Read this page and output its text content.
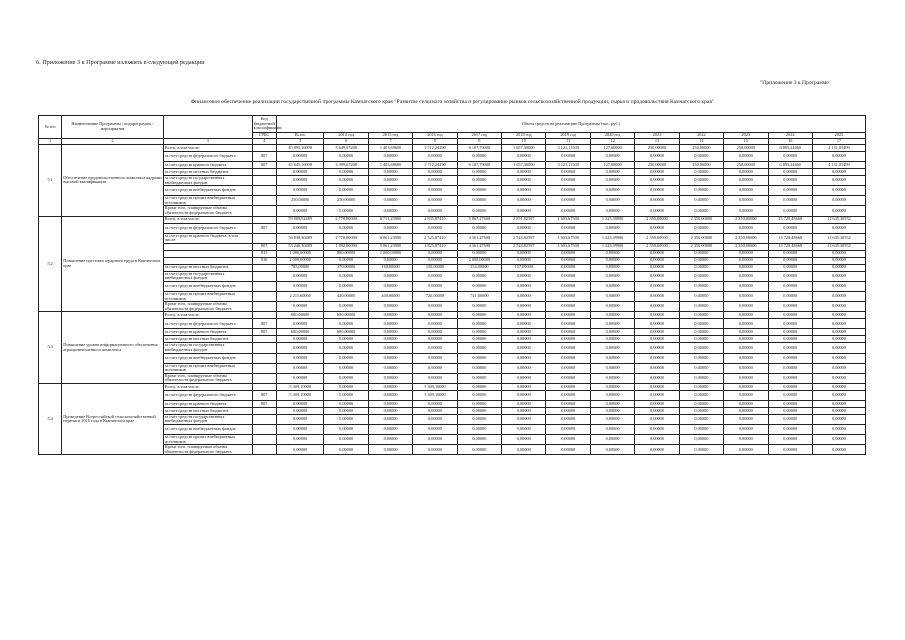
6. Приложение 3 к Программе изложить в следующей редакции
"Приложение 3 к Программе
Финансовое обеспечение реализации государственной программы Камчатского края "Развитие сельского хозяйства и регулирование рынков сельскохозяйственной продукции, сырья и продовольствия Камчатского края"
№ п/п	Наименование Программы / подпрограммы / мероприятия		Код бюджетной классификации	Объем средств на реализацию Программы (тыс. руб.)												
			ГРБС	Всего	2014 год	2015 год	2016 год	2017 год	2018 год	2019 год	2020 год	2021	2022	2023	2024	2025
1	2	3	4	5	6	7	8	9	10	11	12	13	14	15	16	17
5.1	Обеспечение продовольственного комплекса кадрами высокой квалификации	Всего, в том числе:		45 895,16098	3 649,67208	1 403,69600	1 712,24290	6 107,79000	1 657,30000	3 121,11500	127,00000	250,00000	250,00000	250,00000	6 895,24460	4 131,05499
		за счет средств федерального бюджета	807	0,00000	0,00000	0,00000	0,00000	0,00000	0,00000	0,00000	0,00000	0,00000	0,00000	0,00000	0,00000	0,00000
		за счет средств краевого бюджета	807	45 645,16098	3 399,67208	1 403,69600	1 712,24290	6 107,79000	1 657,30000	3 121,11500	127,00000	250,00000	250,00000	250,00000	6 895,24460	4 131,05499
		за счет средств местных бюджетов		0,00000	0,00000	0,00000	0,00000	0,00000	0,00000	0,00000	0,00000	0,00000	0,00000	0,00000	0,00000	0,00000
		за счет средств государственных внебюджетных фондов		0,00000	0,00000	0,00000	0,00000	0,00000	0,00000	0,00000	0,00000	0,00000	0,00000	0,00000	0,00000	0,00000
		за счет средств внебюджетных фондов		0,00000	0,00000	0,00000	0,00000	0,00000	0,00000	0,00000	0,00000	0,00000	0,00000	0,00000	0,00000	0,00000
		за счет средств прочих внебюджетных источников		250,00000	250,00000	0,00000	0,00000	0,00000	0,00000	0,00000	0,00000	0,00000	0,00000	0,00000	0,00000	0,00000
		Кроме того, планируемые объемы обязательств федерального бюджета		0,00000	0,00000	0,00000	0,00000	0,00000	0,00000	0,00000	0,00000	0,00000	0,00000	0,00000	0,00000	0,00000
5.2	Повышение престижа аграрного труда в Камчатском крае	Всего, в том числе:		59 009,92489	2 778,80000	6 711,23900	2 835,87410	5 867,27600	2 851,82597	1 603,67500	1 225,39900	2 350,00000	2 350,00000	2 350,00000	13 720,48668	11 645,30552
		за счет средств федерального бюджета	807	0,00000	0,00000	0,00000	0,00000	0,00000	0,00000	0,00000	0,00000	0,00000	0,00000	0,00000	0,00000	0,00000
		за счет средств краевого бюджета, в том числе:		56 038,30489	2 778,80000	6 061,23900	2 525,87410	4 361,27600	2 524,82597	1 603,67500	1 225,39900	2 350,00000	2 350,00000	2 350,00000	13 720,48668	11 645,30552
			807	53 246,30489	1 892,80000	5 061,23900	1 825,87410	4 361,27600	2 524,82597	1 603,67500	1 225,39900	2 350,00000	2 350,00000	2 350,00000	13 720,48668	11 645,30552
			815	1 080,00000	880,00000	1 000,00000	0,00000	0,00000	0,00000	0,00000	0,00000	0,00000	0,00000	0,00000	0,00000	0,00000
			816	2 000,00000	0,00000	0,00000	0,00000	2 000,00000	0,00000	0,00000	0,00000	0,00000	0,00000	0,00000	0,00000	0,00000
		за счет средств местных бюджетов		785,00000	170,00000	160,00000	150,00000	154,00000	157,00000	0,00000	0,00000	0,00000	0,00000	0,00000	0,00000	0,00000
		за счет средств государственных внебюджетных фондов		0,00000	0,00000	0,00000	0,00000	0,00000	0,00000	0,00000	0,00000	0,00000	0,00000	0,00000	0,00000	0,00000
		за счет средств внебюджетных фондов		0,00000	0,00000	0,00000	0,00000	0,00000	0,00000	0,00000	0,00000	0,00000	0,00000	0,00000	0,00000	0,00000
		за счет средств прочих внебюджетных источников		2 211,60000	420,00000	400,00000	720,00000	741,00000	0,00000	0,00000	0,00000	0,00000	0,00000	0,00000	0,00000	0,00000
		Кроме того, планируемые объемы обязательств федерального бюджета		0,00000	0,00000	0,00000	0,00000	0,00000	0,00000	0,00000	0,00000	0,00000	0,00000	0,00000	0,00000	0,00000
5.3	Повышение уровня информационного обеспечения агропромышленного комплекса	Всего, в том числе:		680,00000	680,00000	0,00000	0,00000	0,00000	0,00000	0,00000	0,00000	0,00000	0,00000	0,00000	0,00000	0,00000
		за счет средств федерального бюджета	807	0,00000	0,00000	0,00000	0,00000	0,00000	0,00000	0,00000	0,00000	0,00000	0,00000	0,00000	0,00000	0,00000
		за счет средств краевого бюджета	807	680,00000	680,00000	0,00000	0,00000	0,00000	0,00000	0,00000	0,00000	0,00000	0,00000	0,00000	0,00000	0,00000
		за счет средств местных бюджетов		0,00000	0,00000	0,00000	0,00000	0,00000	0,00000	0,00000	0,00000	0,00000	0,00000	0,00000	0,00000	0,00000
		за счет средств государственных внебюджетных фондов		0,00000	0,00000	0,00000	0,00000	0,00000	0,00000	0,00000	0,00000	0,00000	0,00000	0,00000	0,00000	0,00000
		за счет средств внебюджетных фондов		0,00000	0,00000	0,00000	0,00000	0,00000	0,00000	0,00000	0,00000	0,00000	0,00000	0,00000	0,00000	0,00000
		за счет средств прочих внебюджетных источников		0,00000	0,00000	0,00000	0,00000	0,00000	0,00000	0,00000	0,00000	0,00000	0,00000	0,00000	0,00000	0,00000
		Кроме того, планируемые объемы обязательств федерального бюджета		0,00000	0,00000	0,00000	0,00000	0,00000	0,00000	0,00000	0,00000	0,00000	0,00000	0,00000	0,00000	0,00000
5.4	Проведение Всероссийской сельскохозяйственной переписи 2016 года в Камчатском крае	Всего, в том числе:		5 309,10000	0,00000	0,00000	5 309,10000	0,00000	0,00000	0,00000	0,00000	0,00000	0,00000	0,00000	0,00000	0,00000
		за счет средств федерального бюджета	807	5 309,10000	0,00000	0,00000	5 309,10000	0,00000	0,00000	0,00000	0,00000	0,00000	0,00000	0,00000	0,00000	0,00000
		за счет средств краевого бюджета	807	0,00000	0,00000	0,00000	0,00000	0,00000	0,00000	0,00000	0,00000	0,00000	0,00000	0,00000	0,00000	0,00000
		за счет средств местных бюджетов		0,00000	0,00000	0,00000	0,00000	0,00000	0,00000	0,00000	0,00000	0,00000	0,00000	0,00000	0,00000	0,00000
		за счет средств государственных внебюджетных фондов		0,00000	0,00000	0,00000	0,00000	0,00000	0,00000	0,00000	0,00000	0,00000	0,00000	0,00000	0,00000	0,00000
		за счет средств внебюджетных фондов		0,00000	0,00000	0,00000	0,00000	0,00000	0,00000	0,00000	0,00000	0,00000	0,00000	0,00000	0,00000	0,00000
		за счет средств прочих внебюджетных источников		0,00000	0,00000	0,00000	0,00000	0,00000	0,00000	0,00000	0,00000	0,00000	0,00000	0,00000	0,00000	0,00000
		Кроме того, планируемые объемы обязательств федерального бюджета		0,00000	0,00000	0,00000	0,00000	0,00000	0,00000	0,00000	0,00000	0,00000	0,00000	0,00000	0,00000	0,00000
